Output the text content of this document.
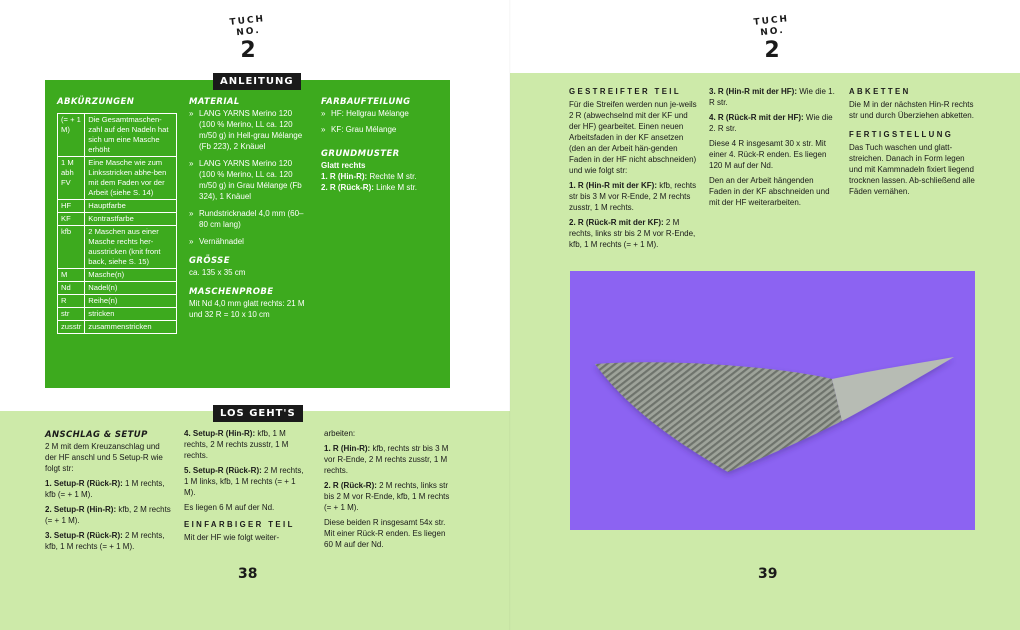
TUCH NO.
2
ANLEITUNG
ABKÜRZUNGEN
(= + 1 M)	Die Gesamtmaschen-zahl auf den Nadeln hat sich um eine Masche erhöht
1 M abh FV	Eine Masche wie zum Linksstricken abhe-ben mit dem Faden vor der Arbeit (siehe S. 14)
HF	Hauptfarbe
KF	Kontrastfarbe
kfb	2 Maschen aus einer Masche rechts her-ausstricken (knit front back, siehe S. 15)
M	Masche(n)
Nd	Nadel(n)
R	Reihe(n)
str	stricken
zusstr	zusammenstricken
MATERIAL
» LANG YARNS Merino 120 (100 % Merino, LL ca. 120 m/50 g) in Hell-grau Mélange (Fb 223), 2 Knäuel
» LANG YARNS Merino 120 (100 % Merino, LL ca. 120 m/50 g) in Grau Mélange (Fb 324), 1 Knäuel
» Rundstricknadel 4,0 mm (60–80 cm lang)
» Vernähnadel
GRÖSSE

ca. 135 x 35 cm

MASCHENPROBE

Mit Nd 4,0 mm glatt rechts: 21 M und 32 R = 10 x 10 cm

FARBAUFTEILUNG
» HF: Hellgrau Mélange
» KF: Grau Mélange
GRUNDMUSTER
Glatt rechts
1. R (Hin-R): Rechte M str.
2. R (Rück-R): Linke M str.
LOS GEHT'S
ANSCHLAG & SETUP

2 M mit dem Kreuzanschlag und der HF anschl und 5 Setup-R wie folgt str:

1. Setup-R (Rück-R): 1 M rechts, kfb (= + 1 M).

2. Setup-R (Hin-R): kfb, 2 M rechts (= + 1 M).

3. Setup-R (Rück-R): 2 M rechts, kfb, 1 M rechts (= + 1 M).

4. Setup-R (Hin-R): kfb, 1 M rechts, 2 M rechts zusstr, 1 M rechts.

5. Setup-R (Rück-R): 2 M rechts, 1 M links, kfb, 1 M rechts (= + 1 M).

Es liegen 6 M auf der Nd.

EINFARBIGER TEIL

Mit der HF wie folgt weiter-

arbeiten:

1. R (Hin-R): kfb, rechts str bis 3 M vor R-Ende, 2 M rechts zusstr, 1 M rechts.

2. R (Rück-R): 2 M rechts, links str bis 2 M vor R-Ende, kfb, 1 M rechts (= + 1 M).

Diese beiden R insgesamt 54x str. Mit einer Rück-R enden. Es liegen 60 M auf der Nd.

38
TUCH NO.
2
GESTREIFTER TEIL

Für die Streifen werden nun je-weils 2 R (abwechselnd mit der KF und der HF) gearbeitet. Einen neuen Arbeitsfaden in der KF ansetzen (den an der Arbeit hän-genden Faden in der HF nicht abschneiden) und wie folgt str:

1. R (Hin-R mit der KF): kfb, rechts str bis 3 M vor R-Ende, 2 M rechts zusstr, 1 M rechts.

2. R (Rück-R mit der KF): 2 M rechts, links str bis 2 M vor R-Ende, kfb, 1 M rechts (= + 1 M).

3. R (Hin-R mit der HF): Wie die 1. R str.

4. R (Rück-R mit der HF): Wie die 2. R str.

Diese 4 R insgesamt 30 x str. Mit einer 4. Rück-R enden. Es liegen 120 M auf der Nd.

Den an der Arbeit hängenden Faden in der KF abschneiden und mit der HF weiterarbeiten.

ABKETTEN

Die M in der nächsten Hin-R rechts str und durch Überziehen abketten.

FERTIGSTELLUNG

Das Tuch waschen und glatt-streichen. Danach in Form legen und mit Kammnadeln fixiert liegend trocknen lassen. Ab-schließend alle Fäden vernähen.

39
